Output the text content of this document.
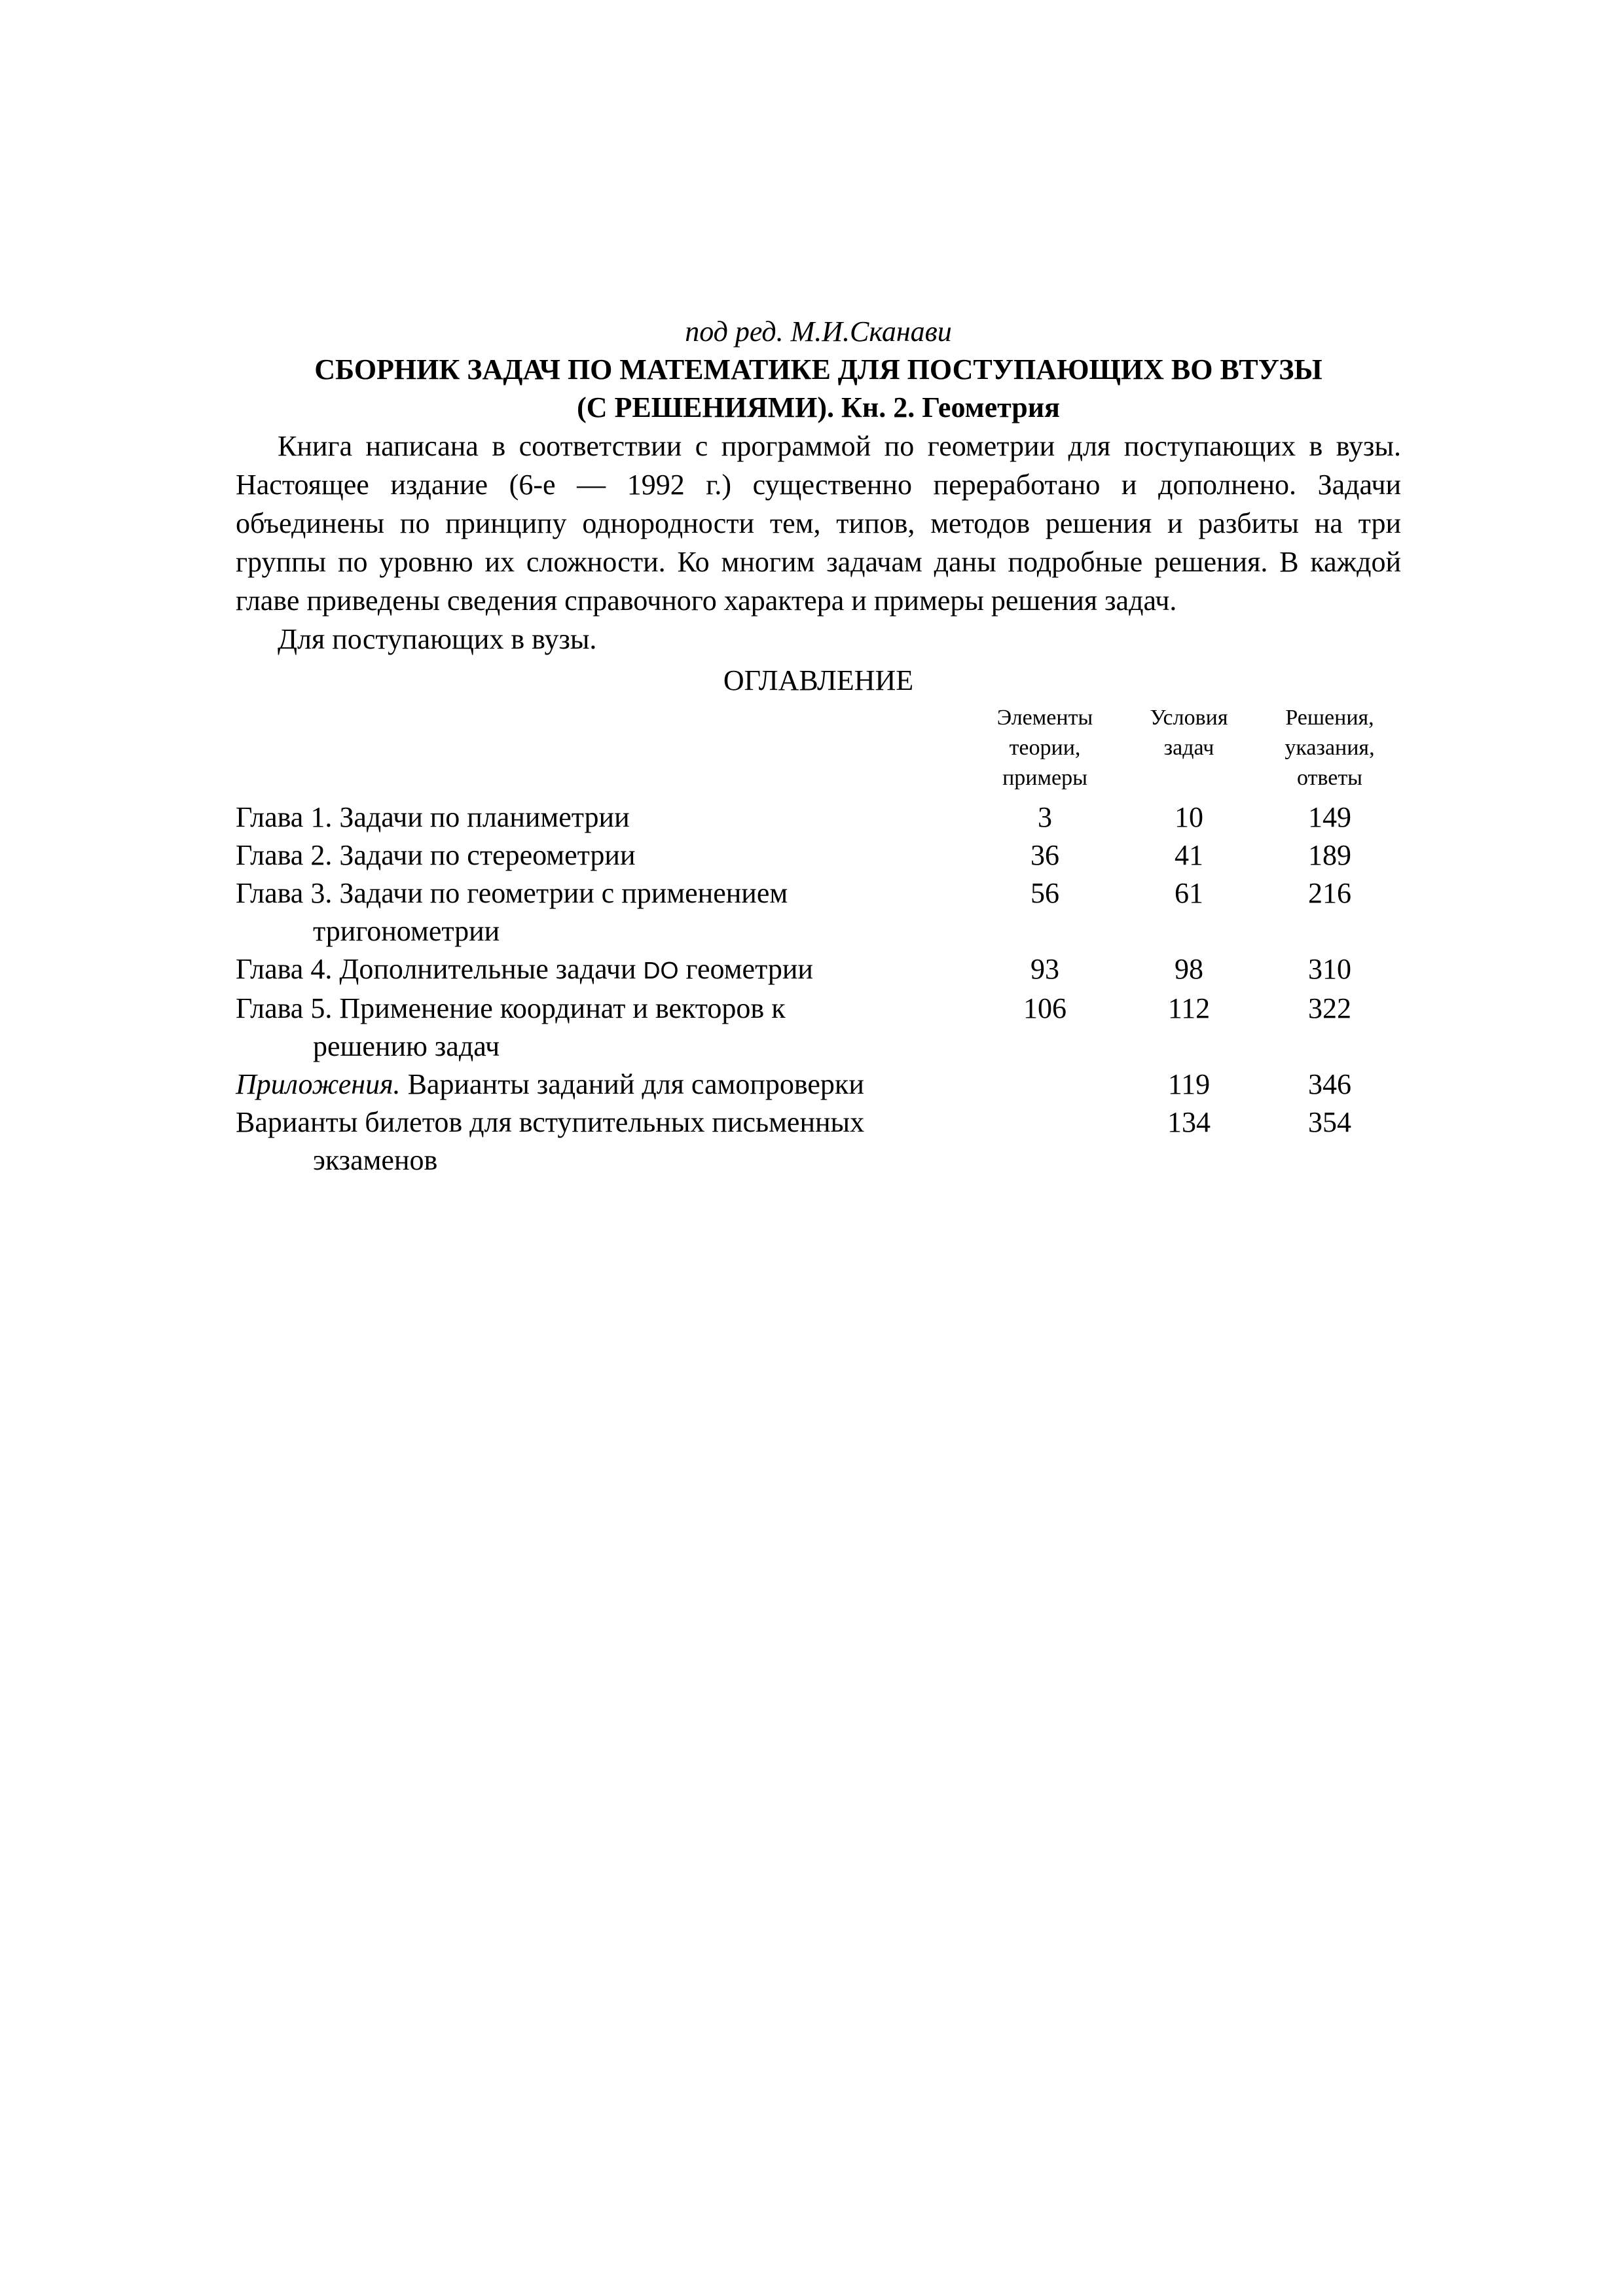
под ред. М.И.Сканави

СБОРНИК ЗАДАЧ ПО МАТЕМАТИКЕ ДЛЯ ПОСТУПАЮЩИХ ВО ВТУЗЫ

(С РЕШЕНИЯМИ). Кн. 2. Геометрия

Книга написана в соответствии с программой по геометрии для поступающих в вузы. Настоящее издание (6-е — 1992 г.) существенно переработано и дополнено. Задачи объединены по принципу однородности тем, типов, методов решения и разбиты на три группы по уровню их сложности. Ко многим задачам даны подробные решения. В каждой главе приведены сведения справочного характера и примеры решения задач.

Для поступающих в вузы.

ОГЛАВЛЕНИЕ

	Элементы
теории,
примеры	Условия
задач	Решения,
указания,
ответы

Глава 1. Задачи по планиметрии	3	10	149

Глава 2. Задачи по стереометрии	36	41	189

Глава 3. Задачи по геометрии с применением
тригонометрии	56	61	216

Глава 4. Дополнительные задачи DO геометрии	93	98	310

Глава 5. Применение координат и векторов к
решению задач	106	112	322

Приложения. Варианты заданий для самопроверки		119	346

Варианты билетов для вступительных письменных
экзаменов		134	354
